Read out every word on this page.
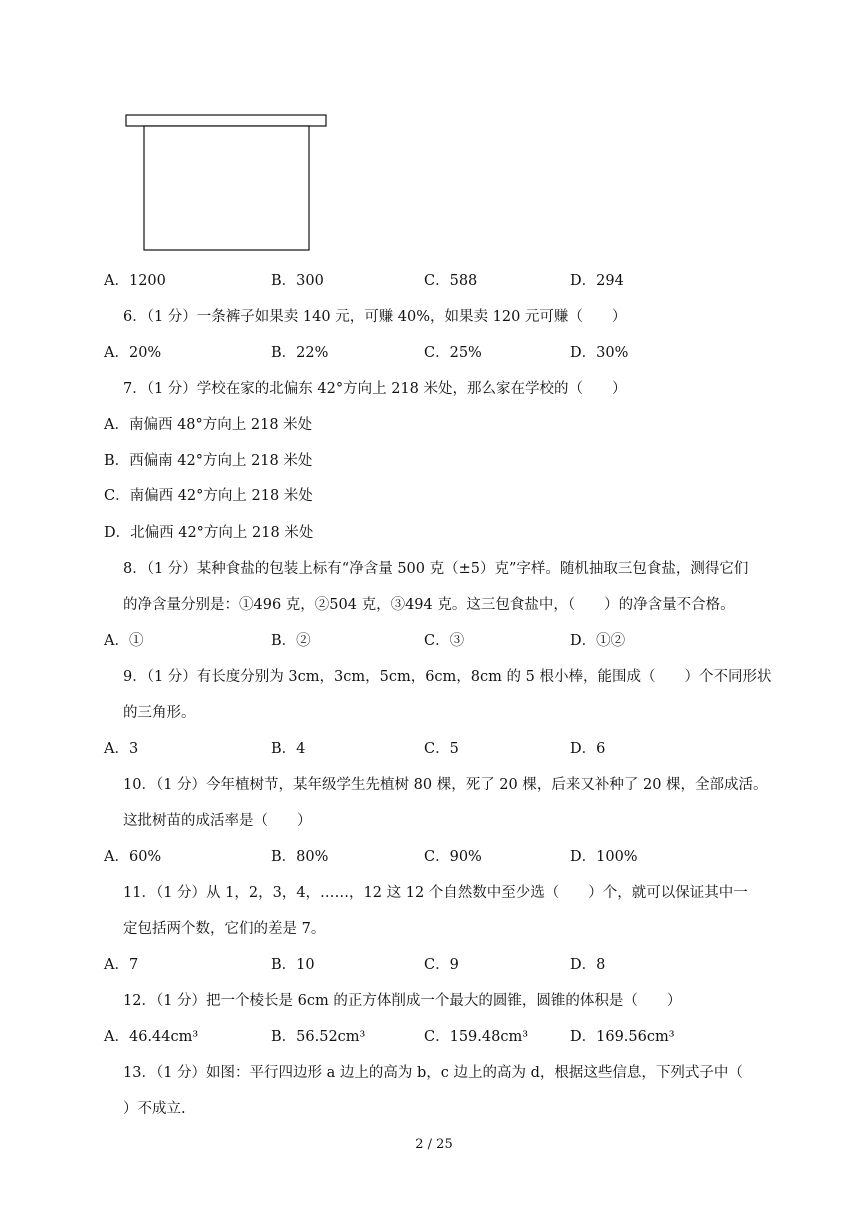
A．1200	B．300	C．588	D．294
6．（1 分）一条裤子如果卖 140 元，可赚 40%，如果卖 120 元可赚（　　）
A．20%	B．22%	C．25%	D．30%
7．（1 分）学校在家的北偏东 42°方向上 218 米处，那么家在学校的（　　）
A．南偏西 48°方向上 218 米处
B．西偏南 42°方向上 218 米处
C．南偏西 42°方向上 218 米处
D．北偏西 42°方向上 218 米处
8．（1 分）某种食盐的包装上标有“净含量 500 克（±5）克”字样。随机抽取三包食盐，测得它们
的净含量分别是：①496 克，②504 克，③494 克。这三包食盐中，（　　）的净含量不合格。
A．①	B．②	C．③	D．①②
9．（1 分）有长度分别为 3cm，3cm，5cm，6cm，8cm 的 5 根小棒，能围成（　　）个不同形状
的三角形。
A．3	B．4	C．5	D．6
10．（1 分）今年植树节，某年级学生先植树 80 棵，死了 20 棵，后来又补种了 20 棵，全部成活。
这批树苗的成活率是（　　）
A．60%	B．80%	C．90%	D．100%
11．（1 分）从 1，2，3，4，……，12 这 12 个自然数中至少选（　　）个，就可以保证其中一
定包括两个数，它们的差是 7。
A．7	B．10	C．9	D．8
12．（1 分）把一个棱长是 6cm 的正方体削成一个最大的圆锥，圆锥的体积是（　　）
A．46.44cm³	B．56.52cm³	C．159.48cm³	D．169.56cm³
13．（1 分）如图：平行四边形 a 边上的高为 b，c 边上的高为 d，根据这些信息，下列式子中（
）不成立.
2 / 25
